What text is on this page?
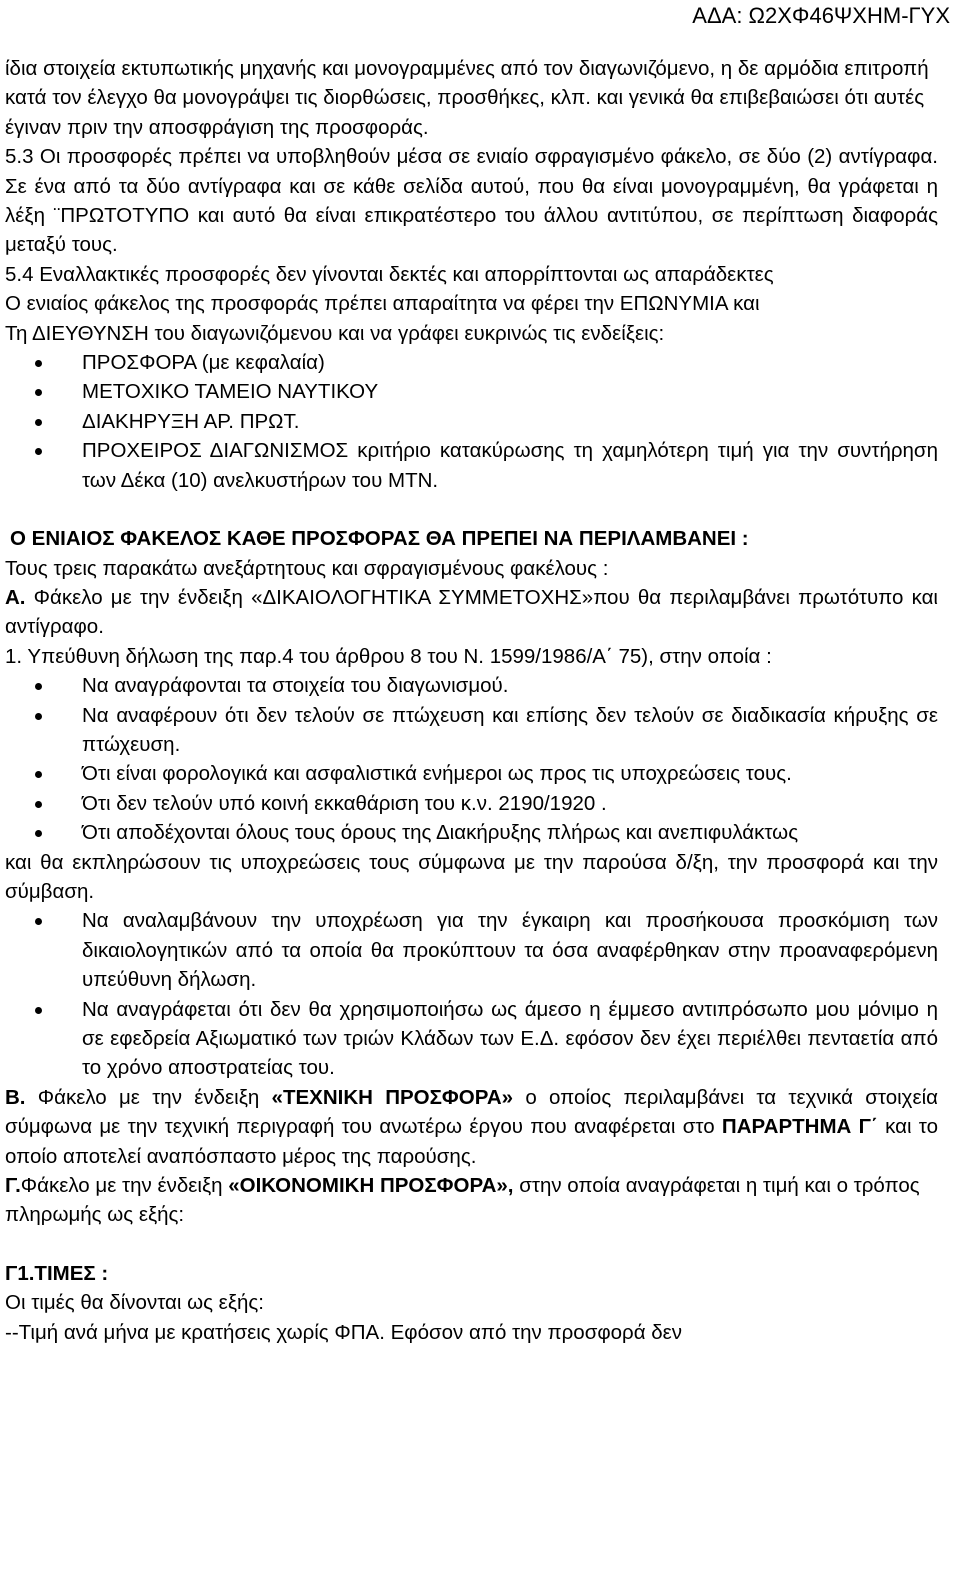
ΑΔΑ: Ω2ΧΦ46ΨΧΗΜ-ΓΥΧ

ίδια στοιχεία εκτυπωτικής μηχανής και μονογραμμένες από τον διαγωνιζόμενο, η δε αρμόδια επιτροπή κατά τον έλεγχο θα μονογράψει τις διορθώσεις, προσθήκες, κλπ. και γενικά θα επιβεβαιώσει ότι αυτές έγιναν πριν την αποσφράγιση της προσφοράς.

5.3 Οι προσφορές πρέπει να υποβληθούν μέσα σε ενιαίο σφραγισμένο φάκελο, σε δύο (2) αντίγραφα. Σε ένα από τα δύο αντίγραφα και σε κάθε σελίδα αυτού, που θα είναι μονογραμμένη, θα γράφεται η λέξη ¨ΠΡΩΤΟΤΥΠΟ και αυτό θα είναι επικρατέστερο του άλλου αντιτύπου, σε περίπτωση διαφοράς μεταξύ τους.

5.4 Εναλλακτικές προσφορές δεν γίνονται δεκτές και απορρίπτονται ως απαράδεκτες

Ο ενιαίος φάκελος της προσφοράς πρέπει απαραίτητα να φέρει την ΕΠΩΝΥΜΙΑ και

Τη ΔΙΕΥΘΥΝΣΗ του διαγωνιζόμενου και να γράφει ευκρινώς τις ενδείξεις:

ΠΡΟΣΦΟΡΑ (με κεφαλαία)
ΜΕΤΟΧΙΚΟ ΤΑΜΕΙΟ ΝΑΥΤΙΚΟΥ
ΔΙΑΚΗΡΥΞΗ ΑΡ. ΠΡΩΤ.
ΠΡΟΧΕΙΡΟΣ ΔΙΑΓΩΝΙΣΜΟΣ κριτήριο κατακύρωσης τη χαμηλότερη τιμή για την συντήρηση των Δέκα (10) ανελκυστήρων του ΜΤΝ.

Ο ΕΝΙΑΙΟΣ ΦΑΚΕΛΟΣ ΚΑΘΕ ΠΡΟΣΦΟΡΑΣ ΘΑ ΠΡΕΠΕΙ ΝΑ ΠΕΡΙΛΑΜΒΑΝΕΙ :

Τους τρεις παρακάτω ανεξάρτητους και σφραγισμένους φακέλους :

Α. Φάκελο με την ένδειξη «ΔΙΚΑΙΟΛΟΓΗΤΙΚΑ ΣΥΜΜΕΤΟΧΗΣ»που θα περιλαμβάνει πρωτότυπο και αντίγραφο.

1. Υπεύθυνη δήλωση της παρ.4 του άρθρου 8 του Ν. 1599/1986/Α΄ 75), στην οποία :

Να αναγράφονται τα στοιχεία του διαγωνισμού.
Να αναφέρουν ότι δεν τελούν σε πτώχευση και επίσης δεν τελούν σε διαδικασία κήρυξης σε πτώχευση.
Ότι είναι φορολογικά και ασφαλιστικά ενήμεροι ως προς τις υποχρεώσεις τους.
Ότι δεν τελούν υπό κοινή εκκαθάριση του κ.ν. 2190/1920 .
Ότι αποδέχονται όλους τους όρους της Διακήρυξης πλήρως και ανεπιφυλάκτως

και θα εκπληρώσουν τις υποχρεώσεις τους σύμφωνα με την παρούσα δ/ξη, την προσφορά και την σύμβαση.

Να αναλαμβάνουν την υποχρέωση για την έγκαιρη και προσήκουσα προσκόμιση των δικαιολογητικών από τα οποία θα προκύπτουν τα όσα αναφέρθηκαν στην προαναφερόμενη υπεύθυνη δήλωση.
Να αναγράφεται ότι δεν θα χρησιμοποιήσω ως άμεσο η έμμεσο αντιπρόσωπο μου μόνιμο η σε εφεδρεία Αξιωματικό των τριών Κλάδων των Ε.Δ. εφόσον δεν έχει περιέλθει πενταετία από το χρόνο αποστρατείας του.

Β. Φάκελο με την ένδειξη «ΤΕΧΝΙΚΗ ΠΡΟΣΦΟΡΑ» ο οποίος περιλαμβάνει τα τεχνικά στοιχεία σύμφωνα με την τεχνική περιγραφή του ανωτέρω έργου που αναφέρεται στο ΠΑΡΑΡΤΗΜΑ Γ΄ και το οποίο αποτελεί αναπόσπαστο μέρος της παρούσης.

Γ.Φάκελο με την ένδειξη «ΟΙΚΟΝΟΜΙΚΗ ΠΡΟΣΦΟΡΑ», στην οποία αναγράφεται η τιμή και ο τρόπος πληρωμής ως εξής:

Γ1.ΤΙΜΕΣ :

Οι τιμές θα δίνονται ως εξής:

--Τιμή ανά μήνα με κρατήσεις χωρίς ΦΠΑ. Εφόσον από την προσφορά δεν
